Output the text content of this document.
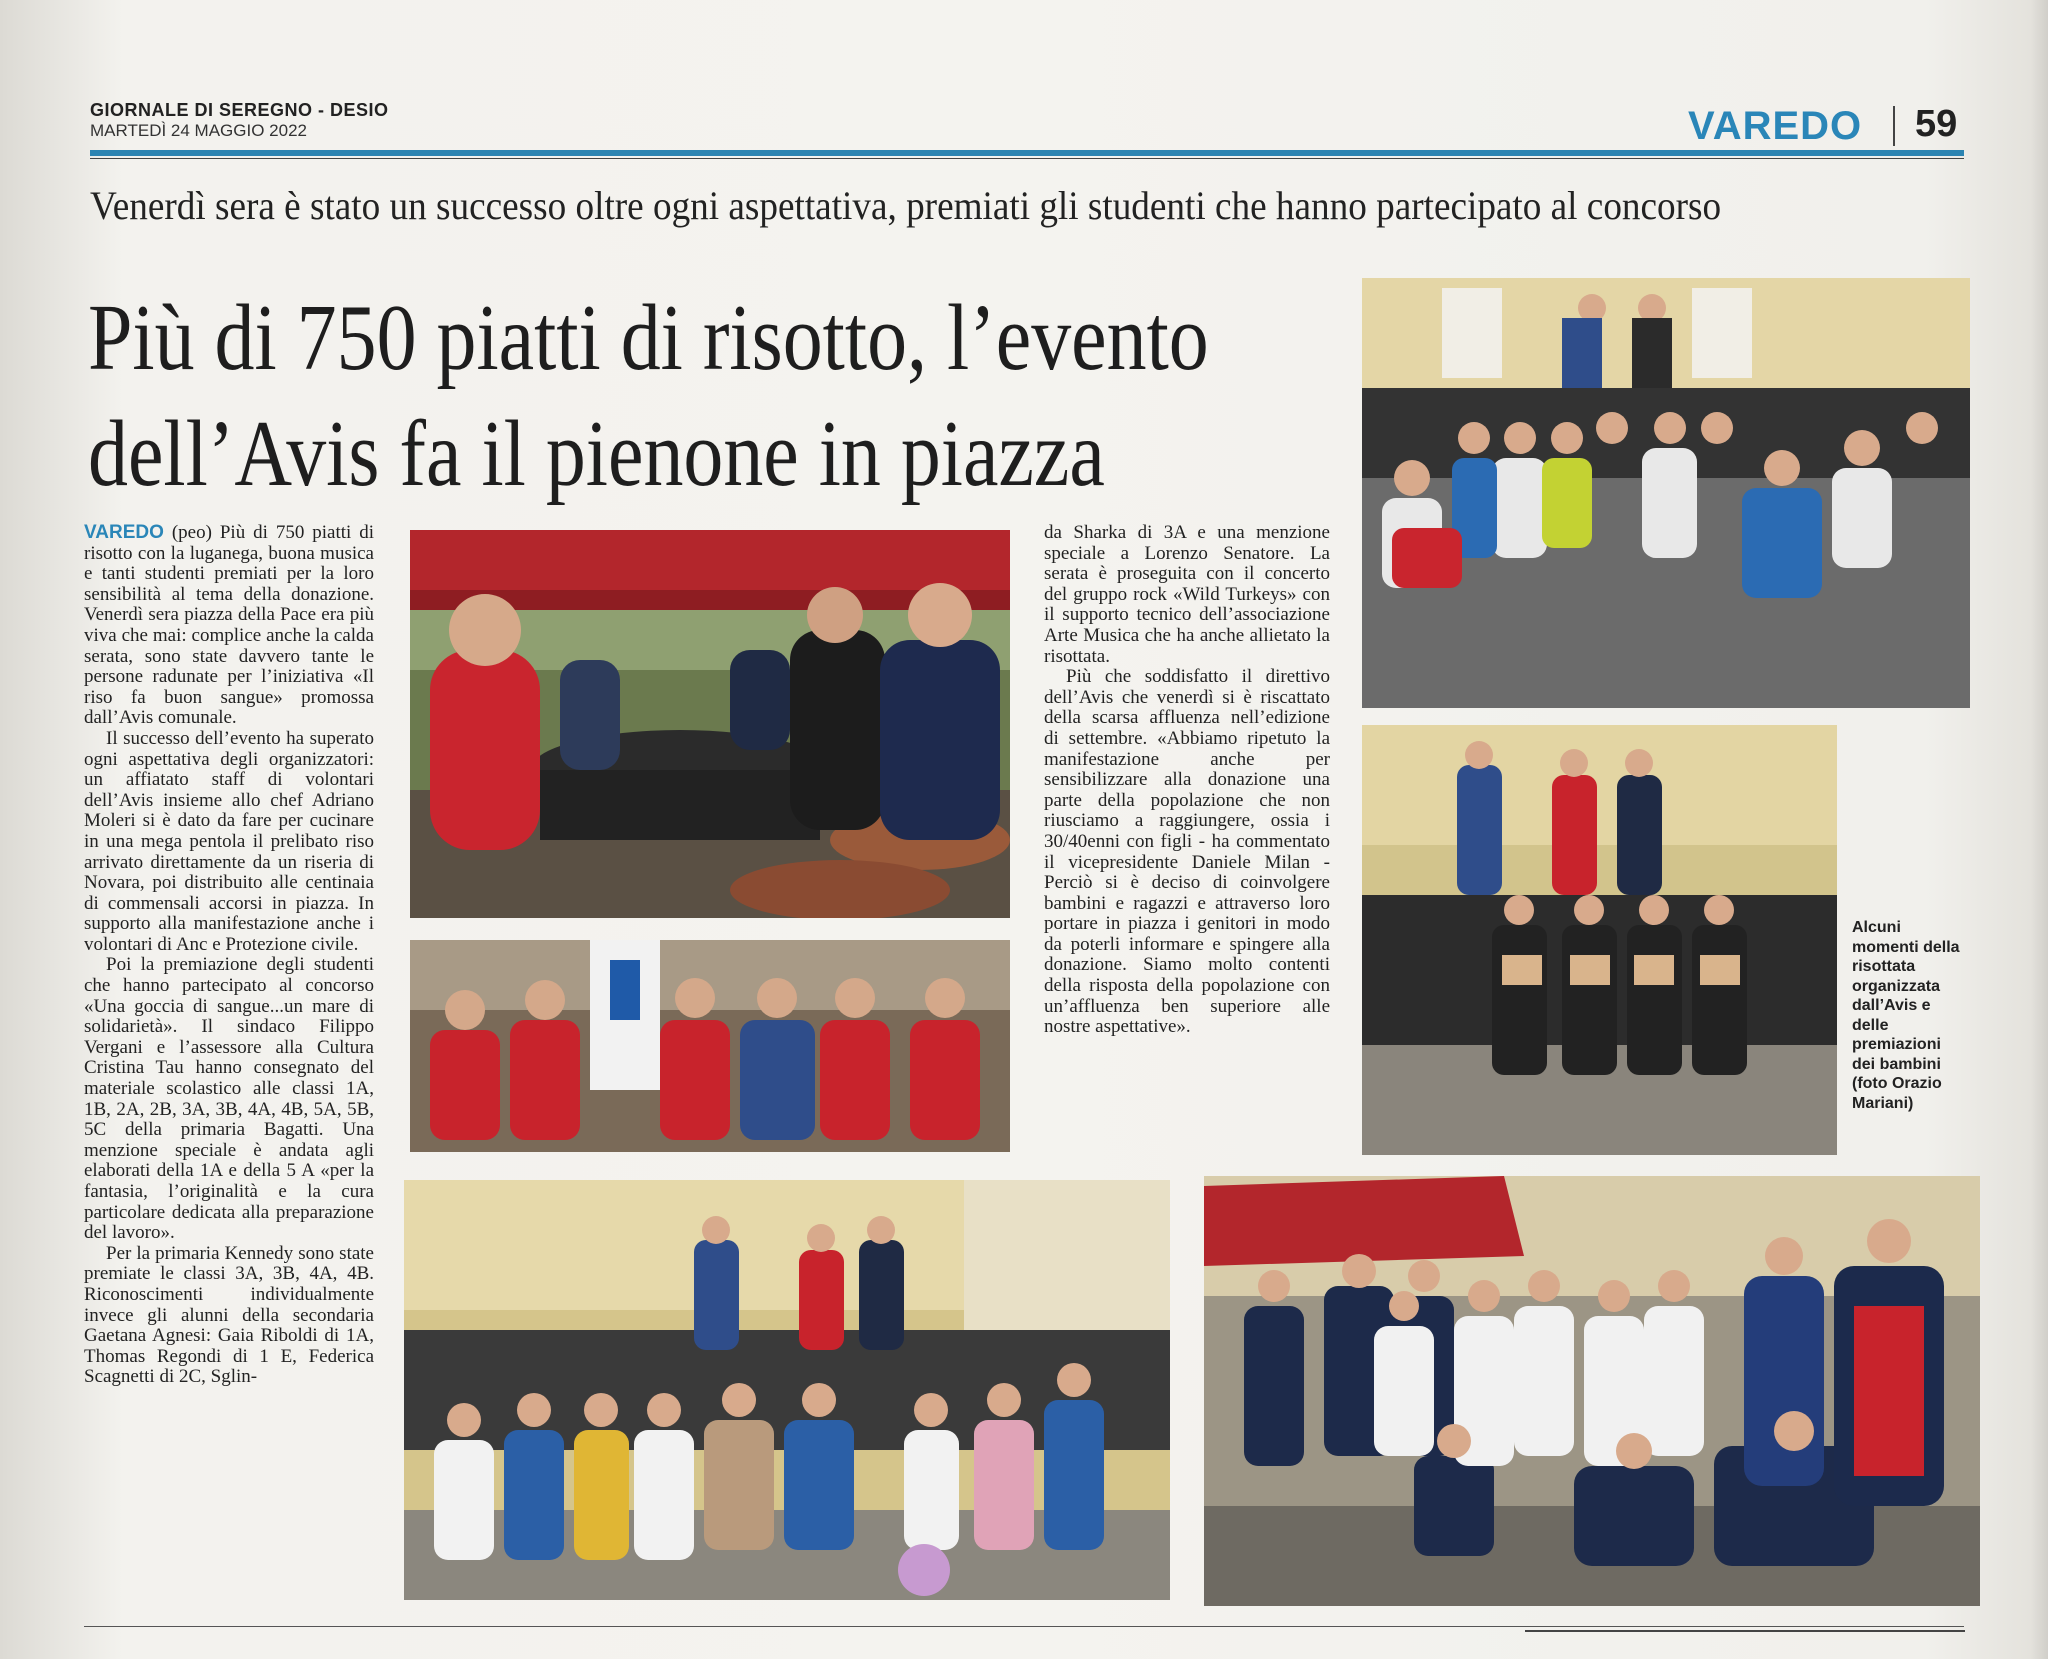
GIORNALE DI SEREGNO - DESIO
MARTEDÌ 24 MAGGIO 2022	VAREDO 59
Venerdì sera è stato un successo oltre ogni aspettativa, premiati gli studenti che hanno partecipato al concorso
Più di 750 piatti di risotto, l’evento
dell’Avis fa il pienone in piazza

VAREDO (peo) Più di 750 piatti di risotto con la luganega, buona musica e tanti studenti premiati per la loro sensibilità al tema della donazione. Venerdì sera piazza della Pace era più viva che mai: complice anche la calda serata, sono state davvero tante le persone radunate per l’iniziativa «Il riso fa buon sangue» promossa dall’Avis comunale.

Il successo dell’evento ha superato ogni aspettativa degli organizzatori: un affiatato staff di volontari dell’Avis insieme allo chef Adriano Moleri si è dato da fare per cucinare in una mega pentola il prelibato riso arrivato direttamente da un riseria di Novara, poi distribuito alle centinaia di commensali accorsi in piazza. In supporto alla manifestazione anche i volontari di Anc e Protezione civile.

Poi la premiazione degli studenti che hanno partecipato al concorso «Una goccia di sangue...un mare di solidarietà». Il sindaco Filippo Vergani e l’assessore alla Cultura Cristina Tau hanno consegnato del materiale scolastico alle classi 1A, 1B, 2A, 2B, 3A, 3B, 4A, 4B, 5A, 5B, 5C della primaria Bagatti. Una menzione speciale è andata agli elaborati della 1A e della 5 A «per la fantasia, l’originalità e la cura particolare dedicata alla preparazione del lavoro».

Per la primaria Kennedy sono state premiate le classi 3A, 3B, 4A, 4B. Riconoscimenti individualmente invece gli alunni della secondaria Gaetana Agnesi: Gaia Riboldi di 1A, Thomas Regondi di 1 E, Federica Scagnetti di 2C, Sglin-

da Sharka di 3A e una menzione speciale a Lorenzo Senatore. La serata è proseguita con il concerto del gruppo rock «Wild Turkeys» con il supporto tecnico dell’associazione Arte Musica che ha anche allietato la risottata.

Più che soddisfatto il direttivo dell’Avis che venerdì si è riscattato della scarsa affluenza nell’edizione di settembre. «Abbiamo ripetuto la manifestazione anche per sensibilizzare alla donazione una parte della popolazione che non riusciamo a raggiungere, ossia i 30/40enni con figli - ha commentato il vicepresidente Daniele Milan - Perciò si è deciso di coinvolgere bambini e ragazzi e attraverso loro portare in piazza i genitori in modo da poterli informare e spingere alla donazione. Siamo molto contenti della risposta della popolazione con un’affluenza ben superiore alle nostre aspettative».

Alcuni momenti della risottata organizzata dall’Avis e delle premiazioni dei bambini (foto Orazio Mariani)
